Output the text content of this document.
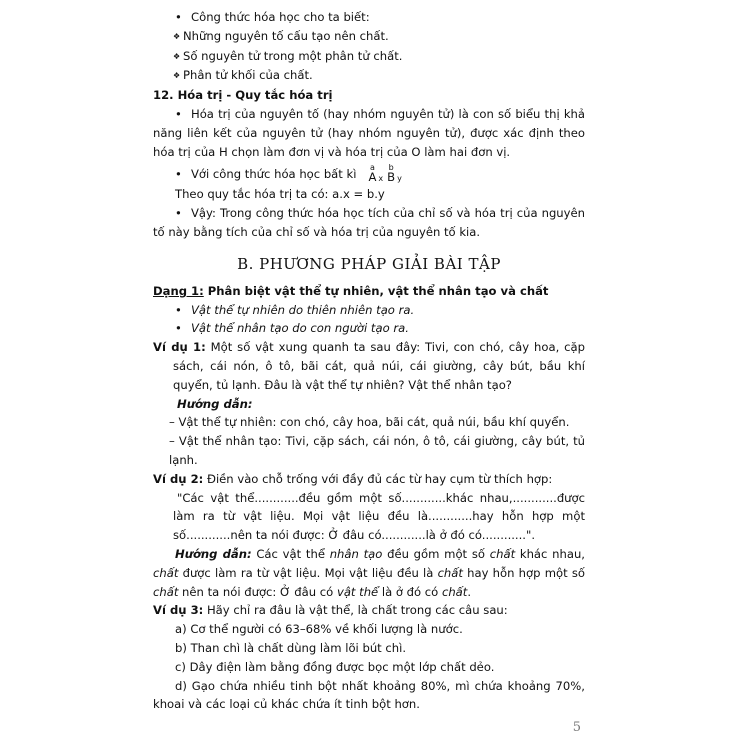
• Công thức hóa học cho ta biết:

❖ Những nguyên tố cấu tạo nên chất.

❖ Số nguyên tử trong một phân tử chất.

❖ Phân tử khối của chất.

12. Hóa trị - Quy tắc hóa trị

• Hóa trị của nguyên tố (hay nhóm nguyên tử) là con số biểu thị khả năng liên kết của nguyên tử (hay nhóm nguyên tử), được xác định theo hóa trị của H chọn làm đơn vị và hóa trị của O làm hai đơn vị.

• Với công thức hóa học bất kì a
A x
b
B y

Theo quy tắc hóa trị ta có: a.x = b.y

• Vậy: Trong công thức hóa học tích của chỉ số và hóa trị của nguyên tố này bằng tích của chỉ số và hóa trị của nguyên tố kia.

B. PHƯƠNG PHÁP GIẢI BÀI TẬP

Dạng 1: Phân biệt vật thể tự nhiên, vật thể nhân tạo và chất

• Vật thể tự nhiên do thiên nhiên tạo ra.

• Vật thể nhân tạo do con người tạo ra.

Ví dụ 1: Một số vật xung quanh ta sau đây: Tivi, con chó, cây hoa, cặp sách, cái nón, ô tô, bãi cát, quả núi, cái giường, cây bút, bầu khí quyển, tủ lạnh. Đâu là vật thể tự nhiên? Vật thể nhân tạo?

Hướng dẫn:

– Vật thể tự nhiên: con chó, cây hoa, bãi cát, quả núi, bầu khí quyển.

– Vật thể nhân tạo: Tivi, cặp sách, cái nón, ô tô, cái giường, cây bút, tủ lạnh.

Ví dụ 2: Điền vào chỗ trống với đầy đủ các từ hay cụm từ thích hợp:

"Các vật thể............đều gồm một số............khác nhau,............được làm ra từ vật liệu. Mọi vật liệu đều là............hay hỗn hợp một số............nên ta nói được: Ở đâu có............là ở đó có............".

Hướng dẫn: Các vật thể nhân tạo đều gồm một số chất khác nhau, chất được làm ra từ vật liệu. Mọi vật liệu đều là chất hay hỗn hợp một số chất nên ta nói được: Ở đâu có vật thể là ở đó có chất.

Ví dụ 3: Hãy chỉ ra đâu là vật thể, là chất trong các câu sau:

a) Cơ thể người có 63–68% về khối lượng là nước.

b) Than chì là chất dùng làm lõi bút chì.

c) Dây điện làm bằng đồng được bọc một lớp chất dẻo.

d) Gạo chứa nhiều tinh bột nhất khoảng 80%, mì chứa khoảng 70%, khoai và các loại củ khác chứa ít tinh bột hơn.

5
